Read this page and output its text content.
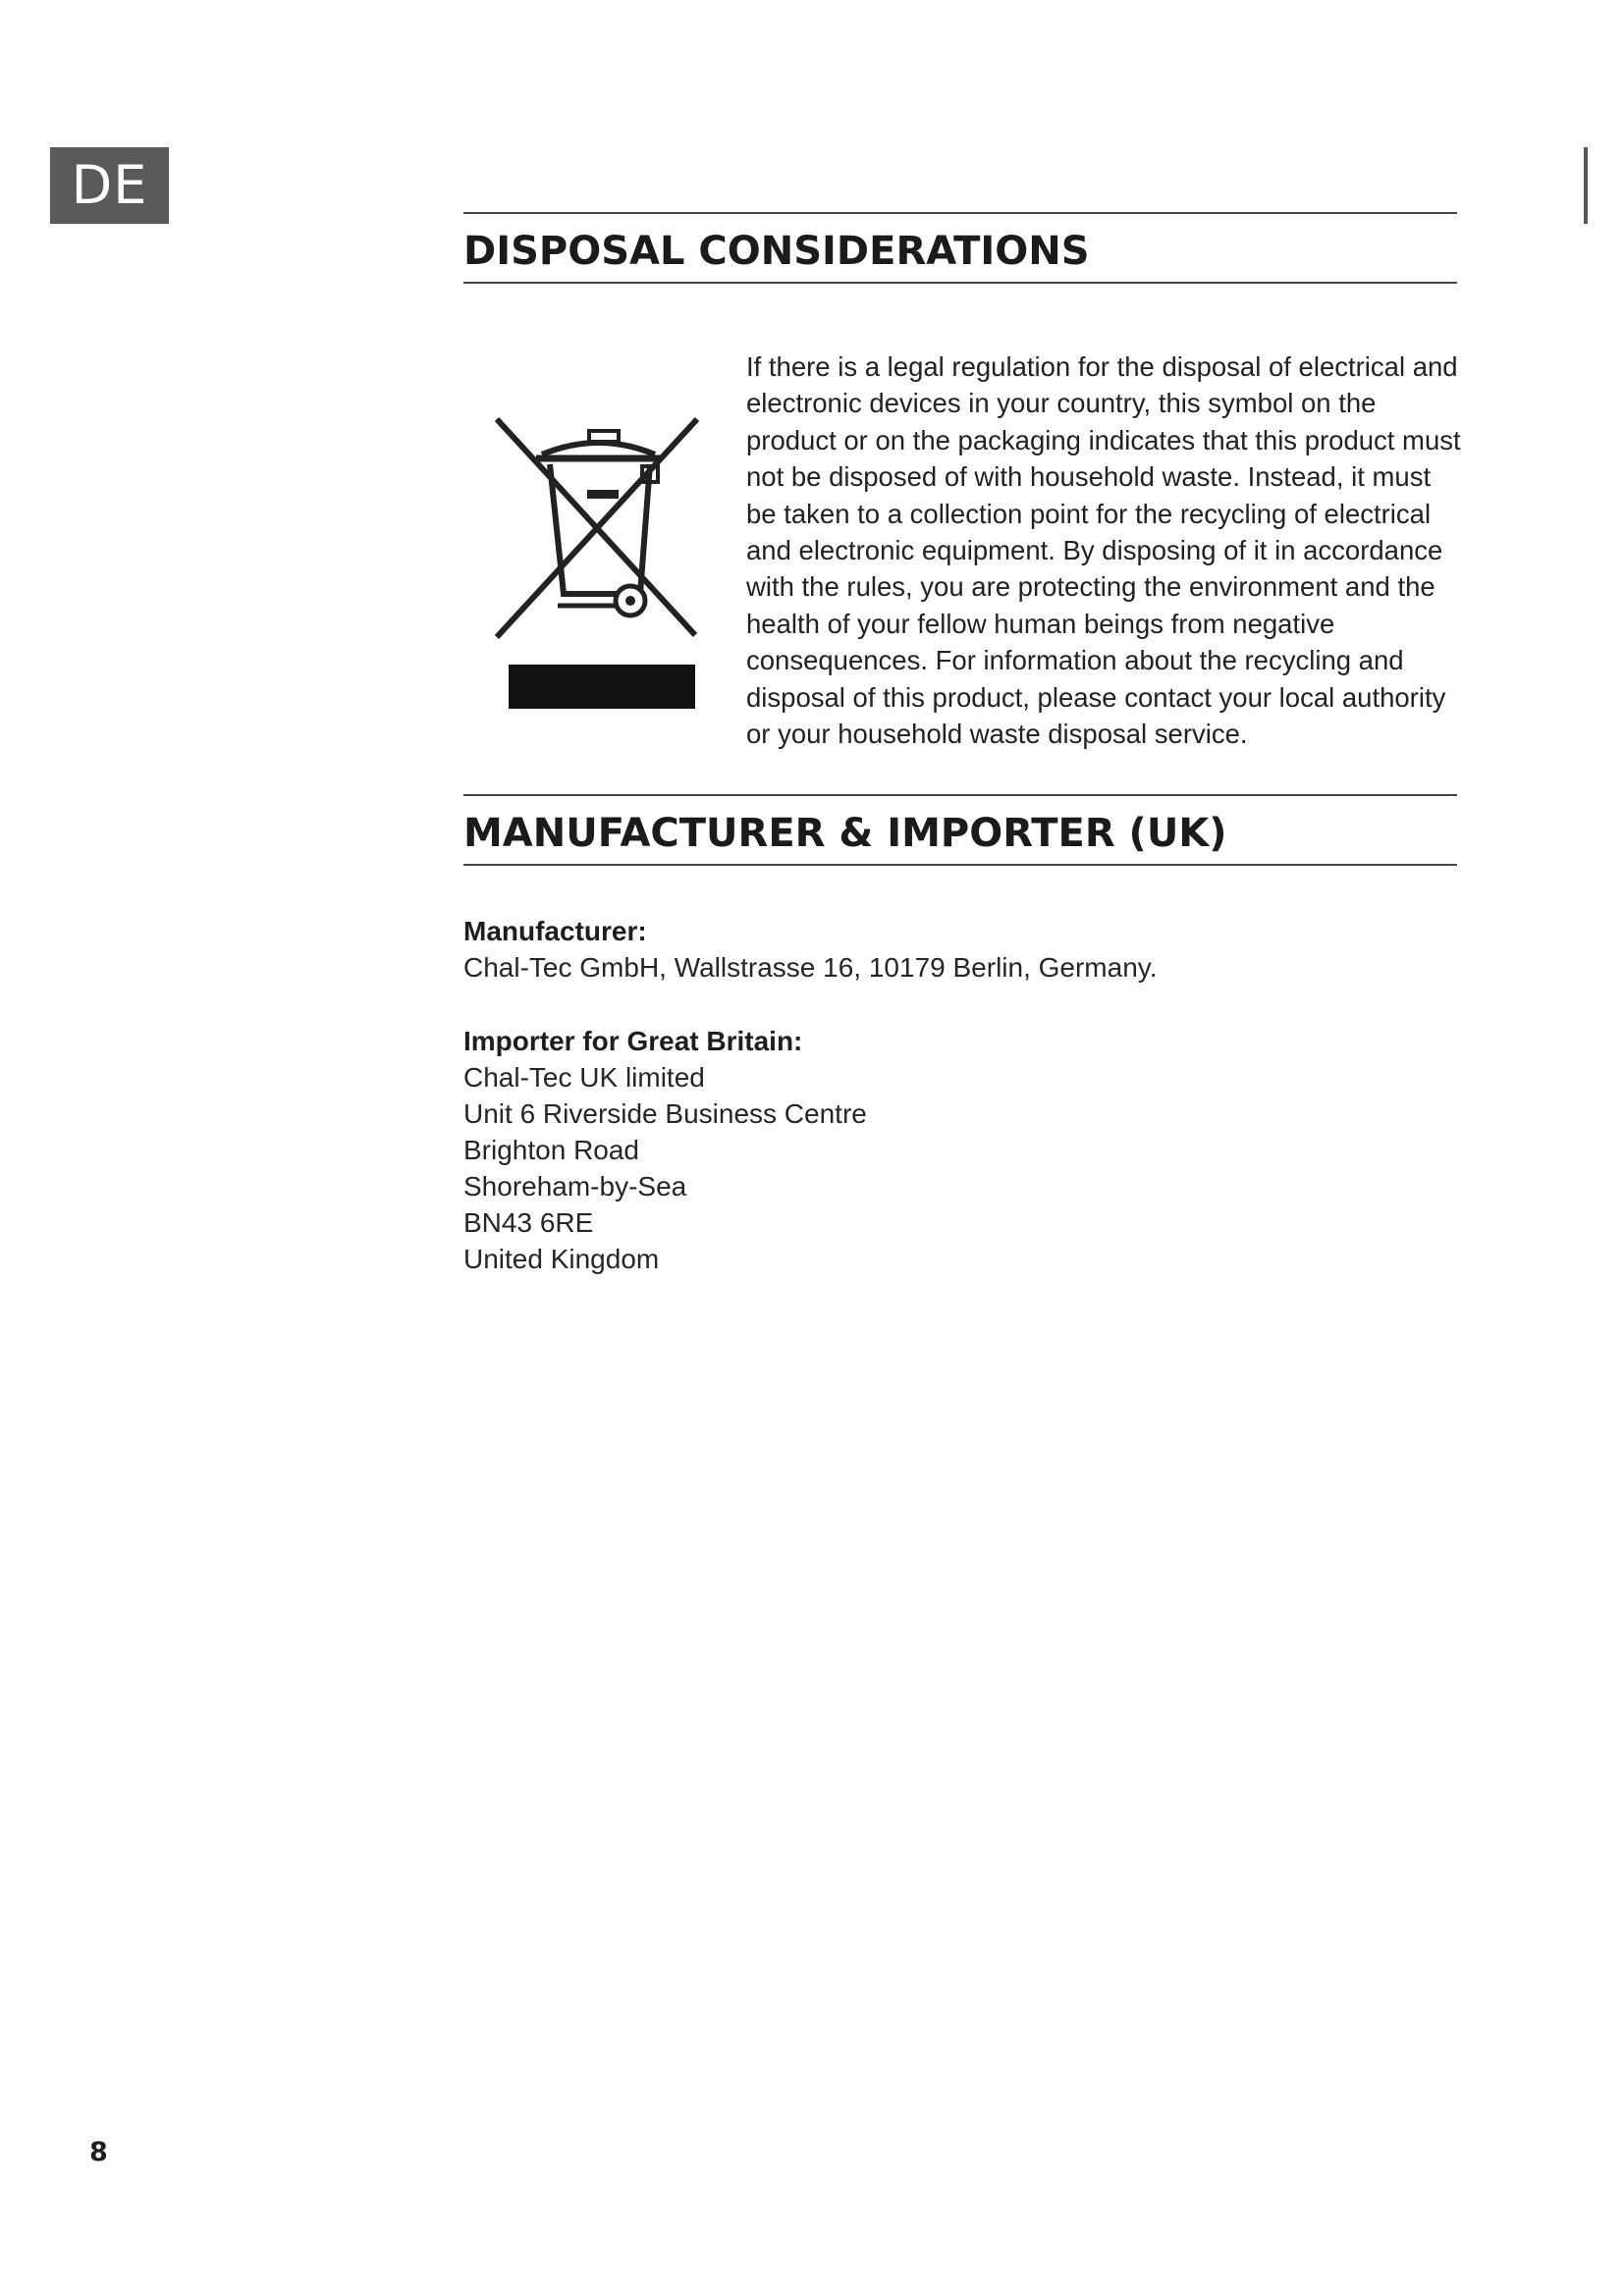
DE
DISPOSAL CONSIDERATIONS

If there is a legal regulation for the disposal of electrical and electronic devices in your country, this symbol on the product or on the packaging indicates that this product must not be disposed of with household waste. Instead, it must be taken to a collection point for the recycling of electrical and electronic equipment. By disposing of it in accordance with the rules, you are protecting the environment and the health of your fellow human beings from negative consequences. For information about the recycling and disposal of this product, please contact your local authority or your household waste disposal service.

MANUFACTURER & IMPORTER (UK)

Manufacturer:

Chal-Tec GmbH, Wallstrasse 16, 10179 Berlin, Germany.

Importer for Great Britain:

Chal-Tec UK limited

Unit 6 Riverside Business Centre

Brighton Road

Shoreham-by-Sea

BN43 6RE

United Kingdom

8
